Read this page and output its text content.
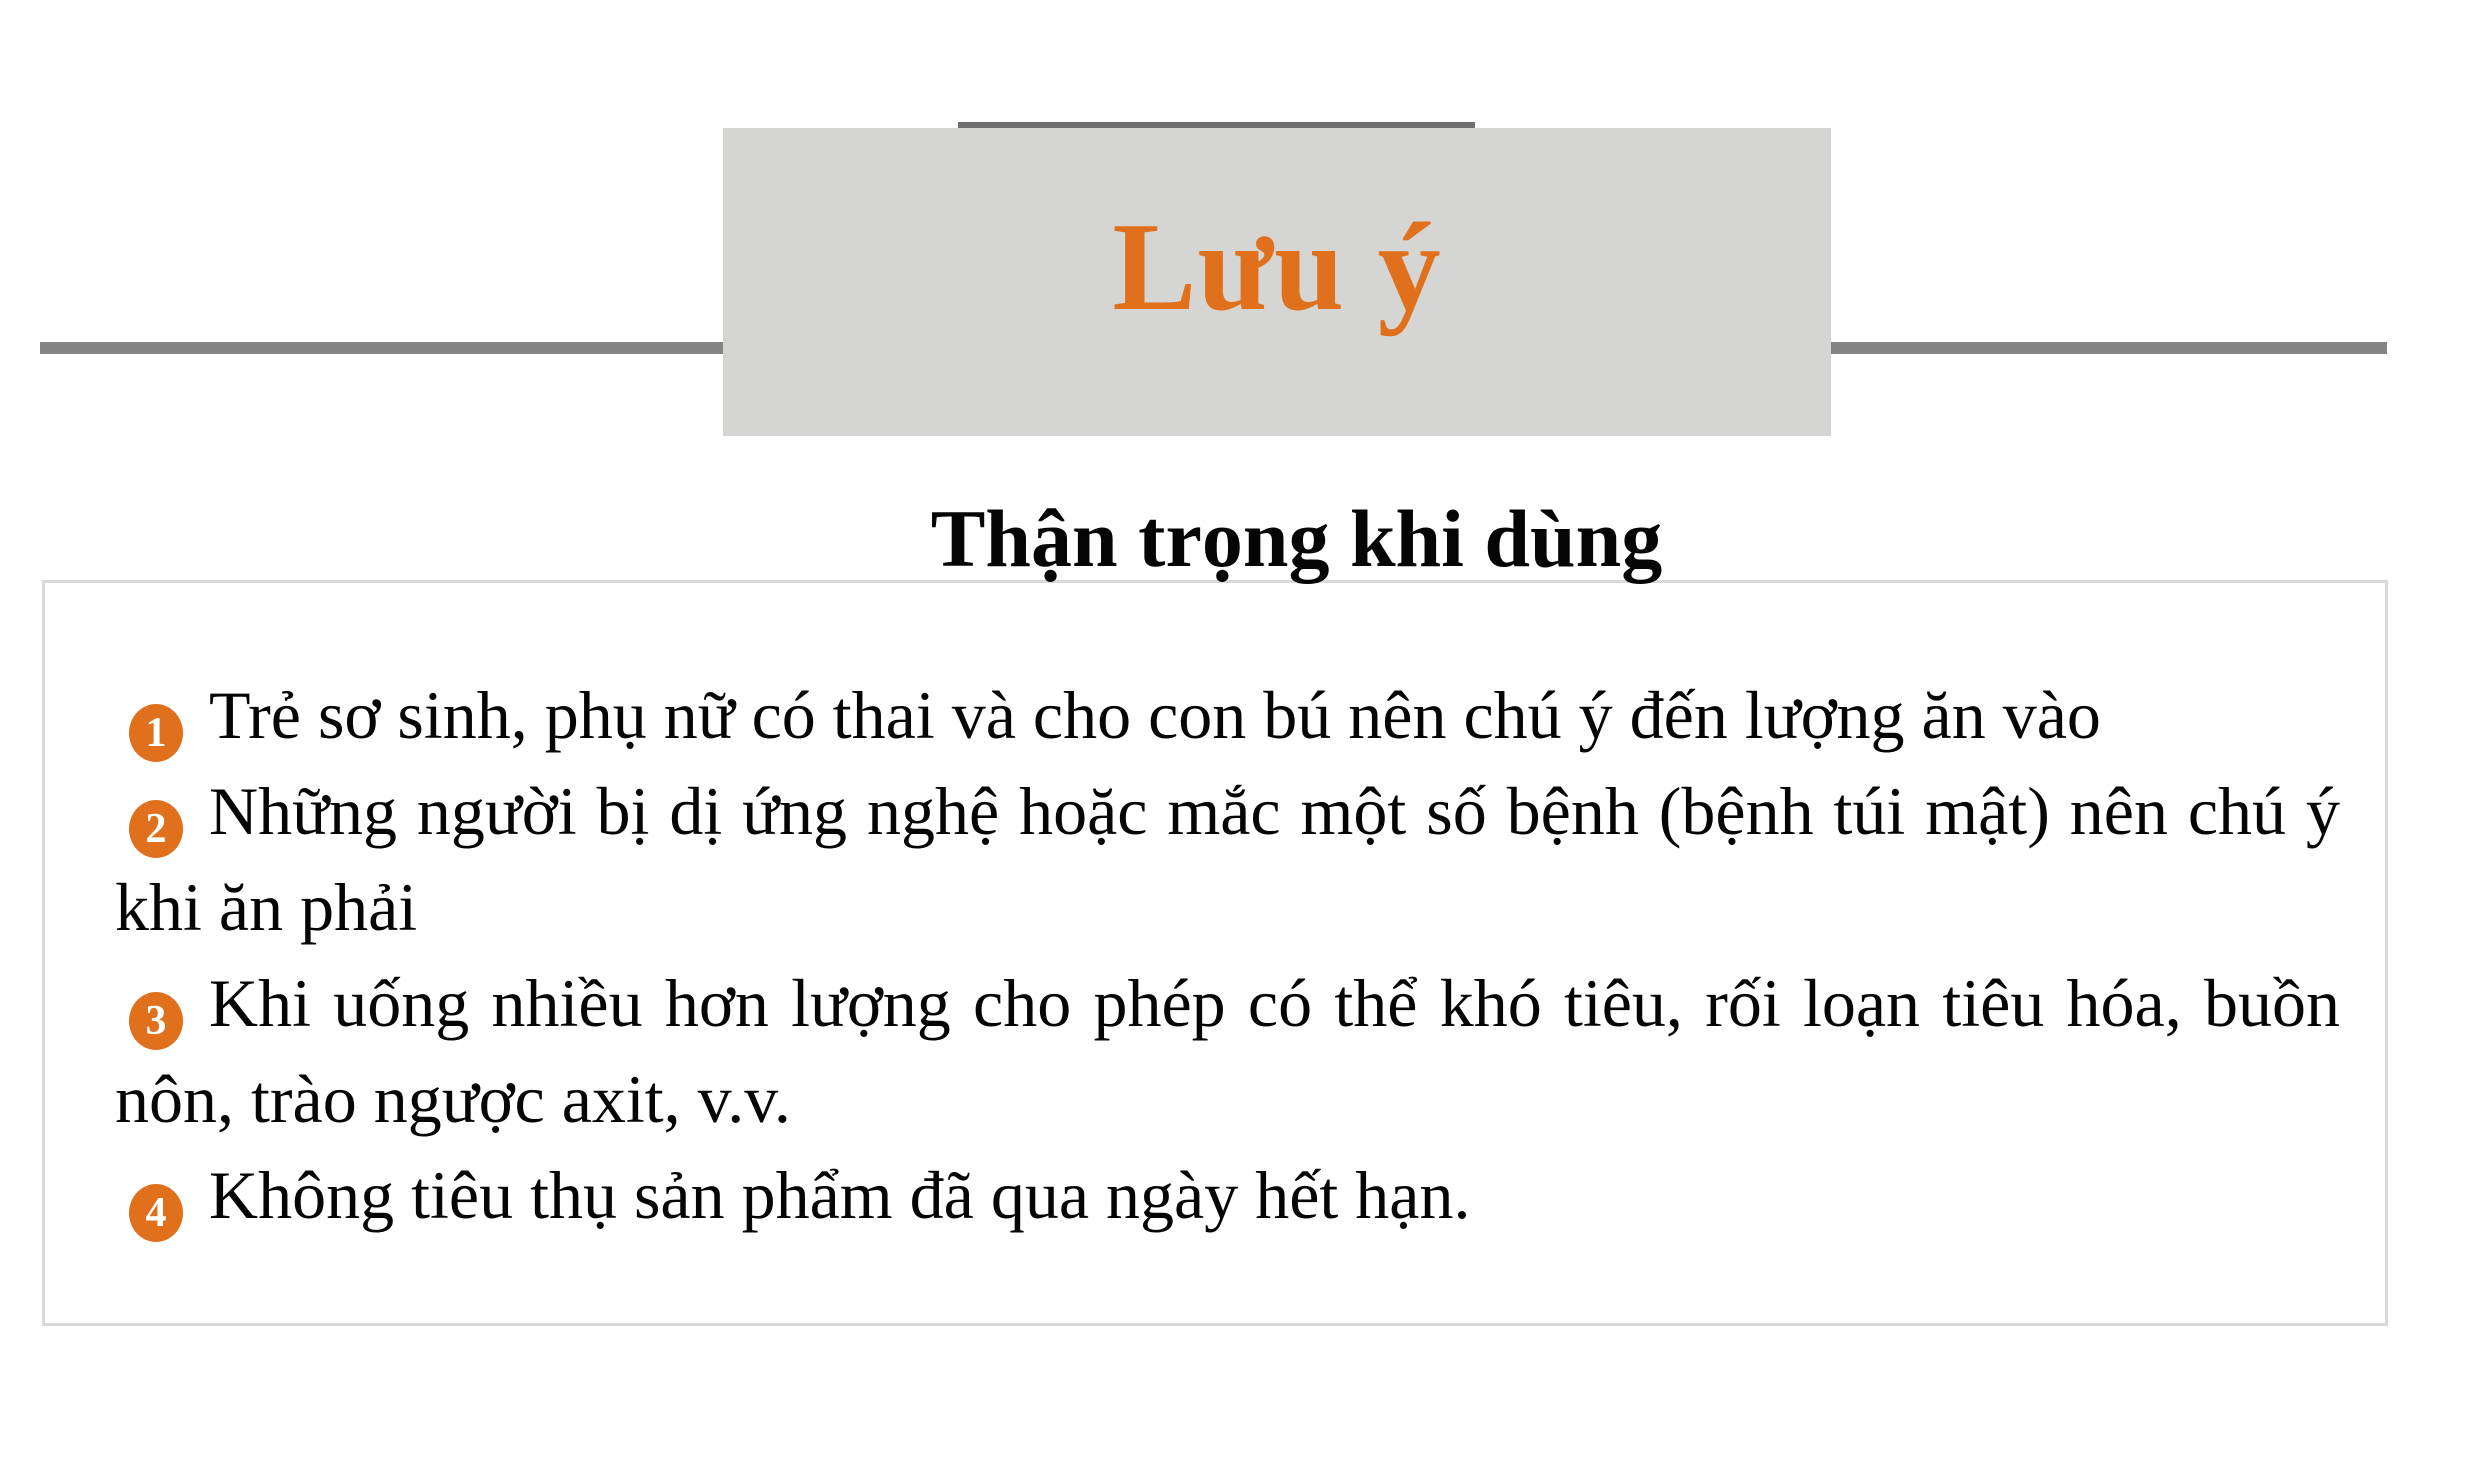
Lưu ý
Thận trọng khi dùng

1 Trẻ sơ sinh, phụ nữ có thai và cho con bú nên chú ý đến lượng ăn vào

2 Những người bị dị ứng nghệ hoặc mắc một số bệnh (bệnh túi mật) nên chú ý khi ăn phải

3 Khi uống nhiều hơn lượng cho phép có thể khó tiêu, rối loạn tiêu hóa, buồn nôn, trào ngược axit, v.v.

4 Không tiêu thụ sản phẩm đã qua ngày hết hạn.
